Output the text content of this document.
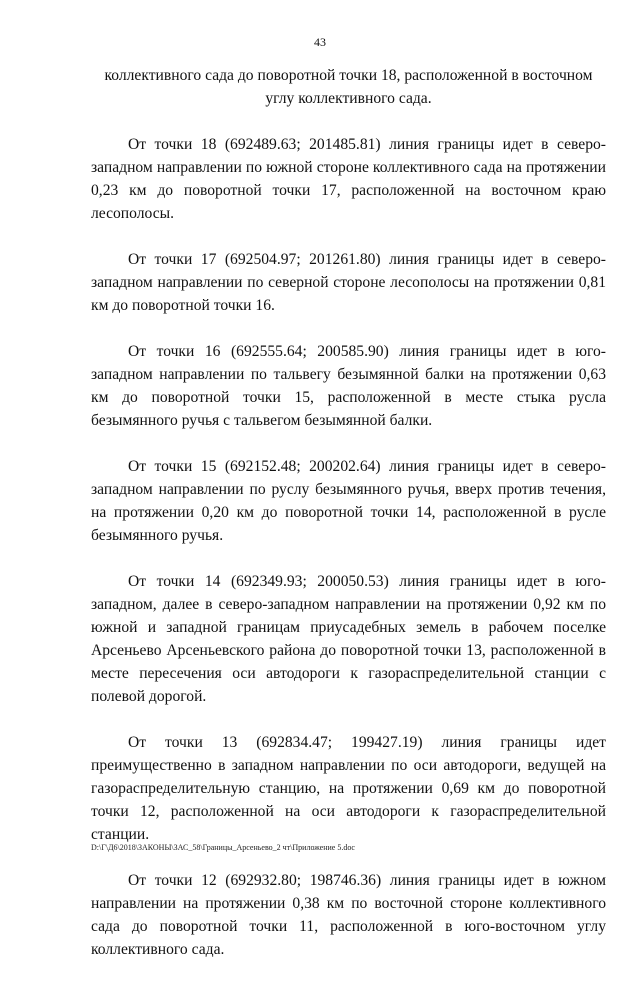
43

коллективного сада до поворотной точки 18, расположенной в восточном углу коллективного сада.

От точки 18 (692489.63; 201485.81) линия границы идет в северо-западном направлении по южной стороне коллективного сада на протяжении 0,23 км до поворотной точки 17, расположенной на восточном краю лесополосы.

От точки 17 (692504.97; 201261.80) линия границы идет в северо-западном направлении по северной стороне лесополосы на протяжении 0,81 км до поворотной точки 16.

От точки 16 (692555.64; 200585.90) линия границы идет в юго-западном направлении по тальвегу безымянной балки на протяжении 0,63 км до поворотной точки 15, расположенной в месте стыка русла безымянного ручья с тальвегом безымянной балки.

От точки 15 (692152.48; 200202.64) линия границы идет в северо-западном направлении по руслу безымянного ручья, вверх против течения, на протяжении 0,20 км до поворотной точки 14, расположенной в русле безымянного ручья.

От точки 14 (692349.93; 200050.53) линия границы идет в юго-западном, далее в северо-западном направлении на протяжении 0,92 км по южной и западной границам приусадебных земель в рабочем поселке Арсеньево Арсеньевского района до поворотной точки 13, расположенной в месте пересечения оси автодороги к газораспределительной станции с полевой дорогой.

От точки 13 (692834.47; 199427.19) линия границы идет преимущественно в западном направлении по оси автодороги, ведущей на газораспределительную станцию, на протяжении 0,69 км до поворотной точки 12, расположенной на оси автодороги к газораспределительной станции.

От точки 12 (692932.80; 198746.36) линия границы идет в южном направлении на протяжении 0,38 км по восточной стороне коллективного сада до поворотной точки 11, расположенной в юго-восточном углу коллективного сада.

D:\Г\Д6\2018\ЗАКОНЫ\ЗАС_58\Границы_Арсеньево_2 чт\Приложение 5.doc
